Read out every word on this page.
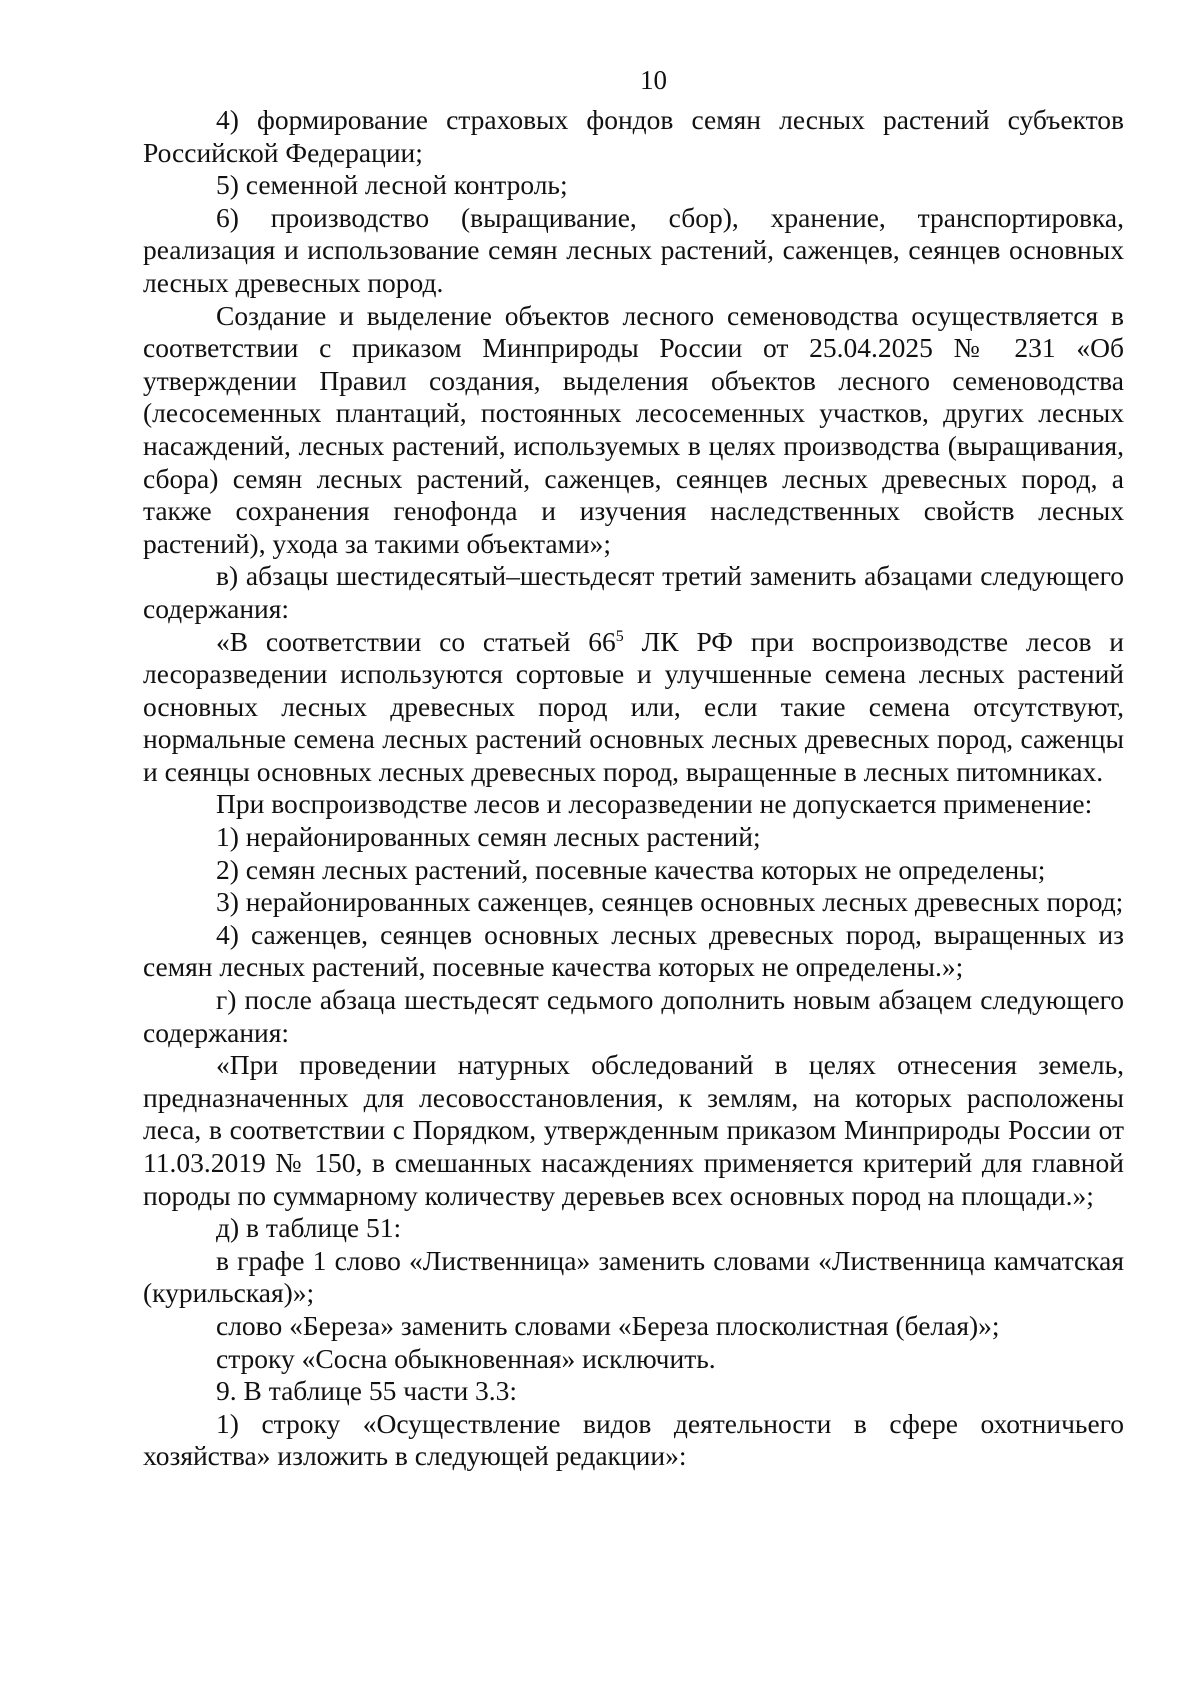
10

4) формирование страховых фондов семян лесных растений субъектов Российской Федерации;

5) семенной лесной контроль;

6) производство (выращивание, сбор), хранение, транспортировка, реализация и использование семян лесных растений, саженцев, сеянцев основных лесных древесных пород.

Создание и выделение объектов лесного семеноводства осуществляется в соответствии с приказом Минприроды России от 25.04.2025 № 231 «Об утверждении Правил создания, выделения объектов лесного семеноводства (лесосеменных плантаций, постоянных лесосеменных участков, других лесных насаждений, лесных растений, используемых в целях производства (выращивания, сбора) семян лесных растений, саженцев, сеянцев лесных древесных пород, а также сохранения генофонда и изучения наследственных свойств лесных растений), ухода за такими объектами»;

в) абзацы шестидесятый–шестьдесят третий заменить абзацами следующего содержания:

«В соответствии со статьей $66^5$ ЛК РФ при воспроизводстве лесов и лесоразведении используются сортовые и улучшенные семена лесных растений основных лесных древесных пород или, если такие семена отсутствуют, нормальные семена лесных растений основных лесных древесных пород, саженцы и сеянцы основных лесных древесных пород, выращенные в лесных питомниках.

При воспроизводстве лесов и лесоразведении не допускается применение:

1) нерайонированных семян лесных растений;

2) семян лесных растений, посевные качества которых не определены;

3) нерайонированных саженцев, сеянцев основных лесных древесных пород;

4) саженцев, сеянцев основных лесных древесных пород, выращенных из семян лесных растений, посевные качества которых не определены.»;

г) после абзаца шестьдесят седьмого дополнить новым абзацем следующего содержания:

«При проведении натурных обследований в целях отнесения земель, предназначенных для лесовосстановления, к землям, на которых расположены леса, в соответствии с Порядком, утвержденным приказом Минприроды России от 11.03.2019 № 150, в смешанных насаждениях применяется критерий для главной породы по суммарному количеству деревьев всех основных пород на площади.»;

д) в таблице 51:

в графе 1 слово «Лиственница» заменить словами «Лиственница камчатская (курильская)»;

слово «Береза» заменить словами «Береза плосколистная (белая)»;

строку «Сосна обыкновенная» исключить.

9. В таблице 55 части 3.3:

1) строку «Осуществление видов деятельности в сфере охотничьего хозяйства» изложить в следующей редакции»:
